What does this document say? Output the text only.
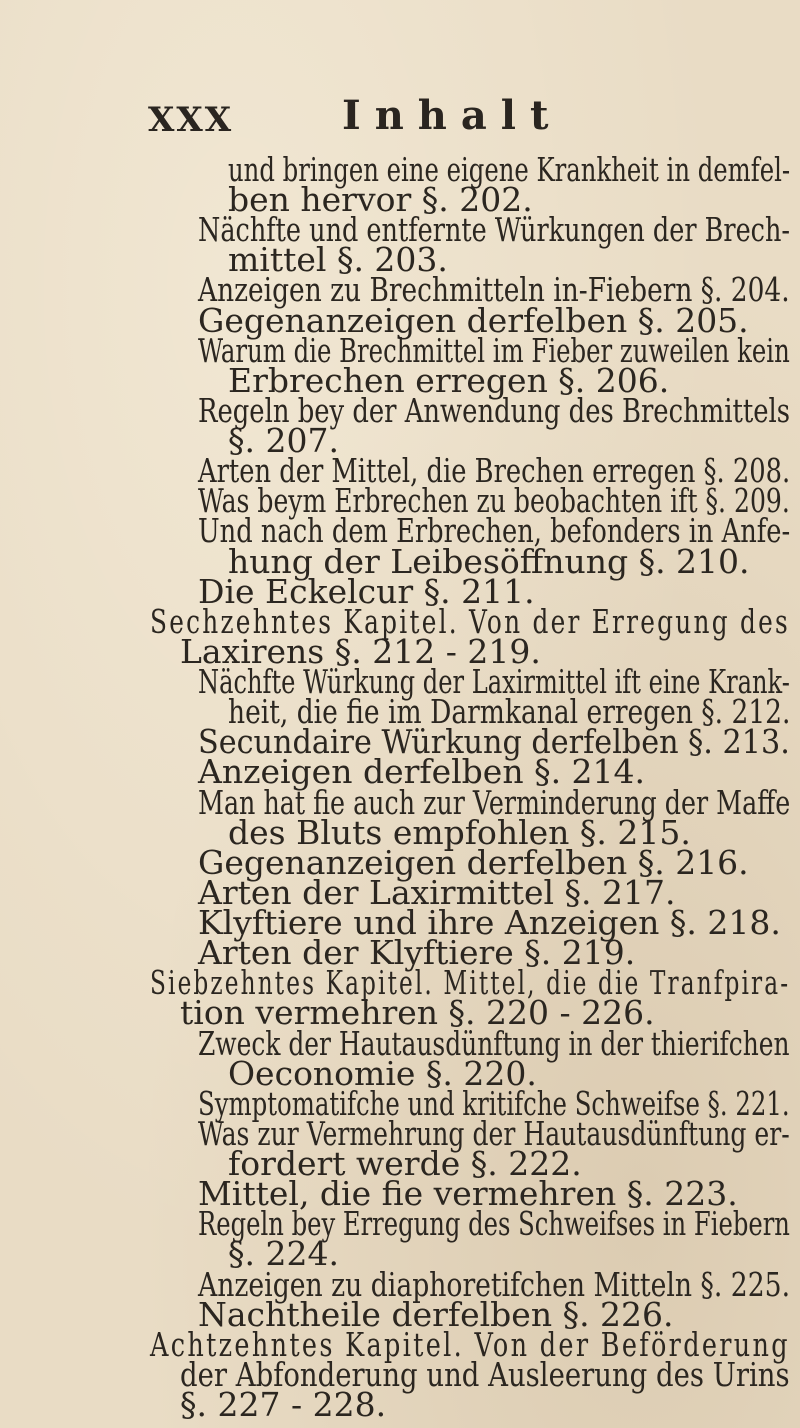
XXX	Inhalt
und bringen eine eigene Krankheit in demfel-
ben hervor §. 202.
Nächfte und entfernte Würkungen der Brech-
mittel §. 203.
Anzeigen zu Brechmitteln in-Fiebern §. 204.
Gegenanzeigen derfelben §. 205.
Warum die Brechmittel im Fieber zuweilen kein
Erbrechen erregen §. 206.
Regeln bey der Anwendung des Brechmittels
§. 207.
Arten der Mittel, die Brechen erregen §. 208.
Was beym Erbrechen zu beobachten ift §. 209.
Und nach dem Erbrechen, befonders in Anfe-
hung der Leibesöffnung §. 210.
Die Eckelcur §. 211.
Sechzehntes Kapitel. Von der Erregung des
Laxirens §. 212 - 219.
Nächfte Würkung der Laxirmittel ift eine Krank-
heit, die fie im Darmkanal erregen §. 212.
Secundaire Würkung derfelben §. 213.
Anzeigen derfelben §. 214.
Man hat fie auch zur Verminderung der Maffe
des Bluts empfohlen §. 215.
Gegenanzeigen derfelben §. 216.
Arten der Laxirmittel §. 217.
Klyftiere und ihre Anzeigen §. 218.
Arten der Klyftiere §. 219.
Siebzehntes Kapitel. Mittel, die die Tranfpira-
tion vermehren §. 220 - 226.
Zweck der Hautausdünftung in der thierifchen
Oeconomie §. 220.
Symptomatifche und kritifche Schweifse §. 221.
Was zur Vermehrung der Hautausdünftung er-
fordert werde §. 222.
Mittel, die fie vermehren §. 223.
Regeln bey Erregung des Schweifses in Fiebern
§. 224.
Anzeigen zu diaphoretifchen Mitteln §. 225.
Nachtheile derfelben §. 226.
Achtzehntes Kapitel. Von der Beförderung
der Abfonderung und Ausleerung des Urins
§. 227 - 228.
